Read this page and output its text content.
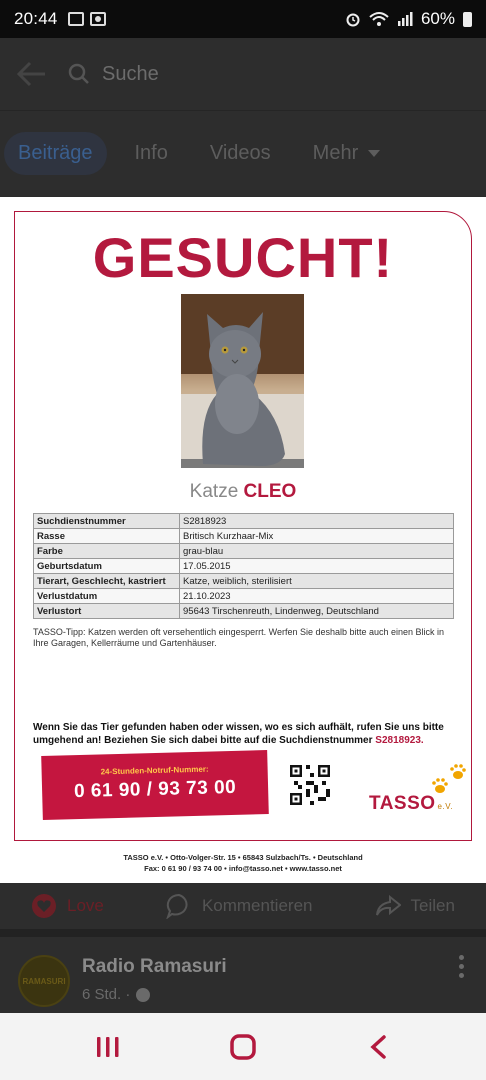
20:44	60%
Suche
Beiträge	Info Videos Mehr
GESUCHT!
Katze CLEO
Suchdienstnummer	S2818923
Rasse	Britisch Kurzhaar-Mix
Farbe	grau-blau
Geburtsdatum	17.05.2015
Tierart, Geschlecht, kastriert	Katze, weiblich, sterilisiert
Verlustdatum	21.10.2023
Verlustort	95643 Tirschenreuth, Lindenweg, Deutschland
TASSO-Tipp: Katzen werden oft versehentlich eingesperrt. Werfen Sie deshalb bitte auch einen Blick in Ihre Garagen, Kellerräume und Gartenhäuser.
Wenn Sie das Tier gefunden haben oder wissen, wo es sich aufhält, rufen Sie uns bitte umgehend an! Beziehen Sie sich dabei bitte auf die Suchdienstnummer S2818923.
24-Stunden-Notruf-Nummer:
0 61 90 / 93 73 00
TASSO e.V.
TASSO e.V. • Otto-Volger-Str. 15 • 65843 Sulzbach/Ts. • Deutschland
Fax: 0 61 90 / 93 74 00 • info@tasso.net • www.tasso.net
Love	Kommentieren	Teilen
RAMASURI
Radio Ramasuri
6 Std. ·
